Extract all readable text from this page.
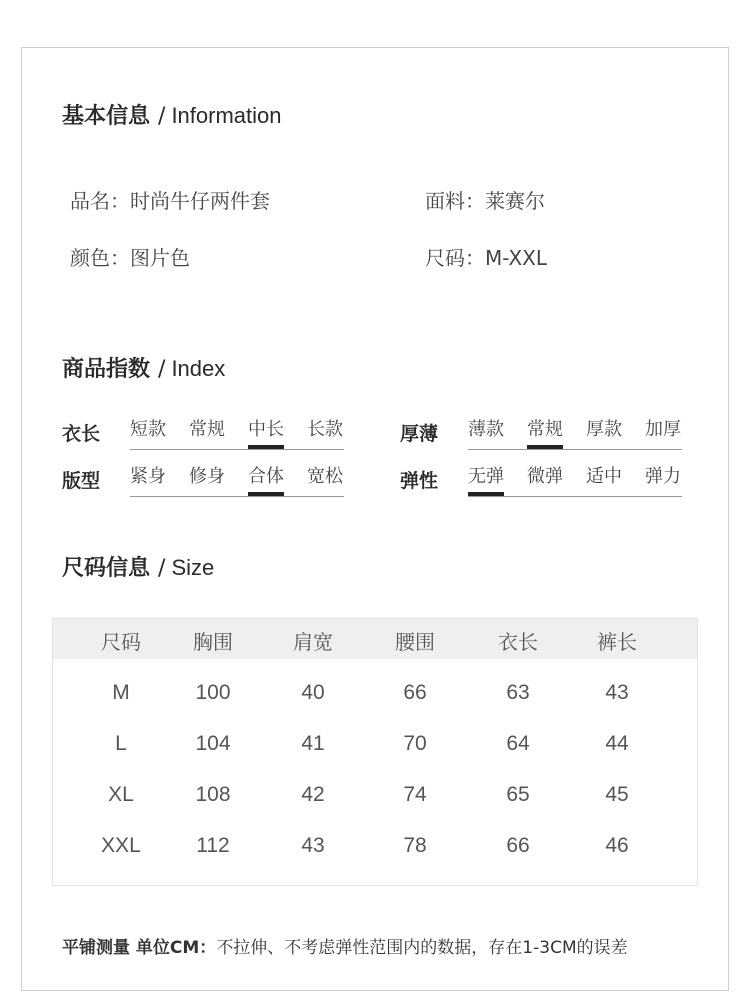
基本信息 / Information
品名：时尚牛仔两件套	面料：莱赛尔
颜色：图片色	尺码：M-XXL
商品指数 / Index
衣长 短款 常规 中长 长款	厚薄 薄款 常规 厚款 加厚
版型 紧身 修身 合体 宽松	弹性 无弹 微弹 适中 弹力
尺码信息 / Size
尺码	胸围	肩宽	腰围	衣长	裤长
M	100	40	66	63	43
L	104	41	70	64	44
XL	108	42	74	65	45
XXL	112	43	78	66	46
平铺测量 单位CM：不拉伸、不考虑弹性范围内的数据，存在1-3CM的误差
